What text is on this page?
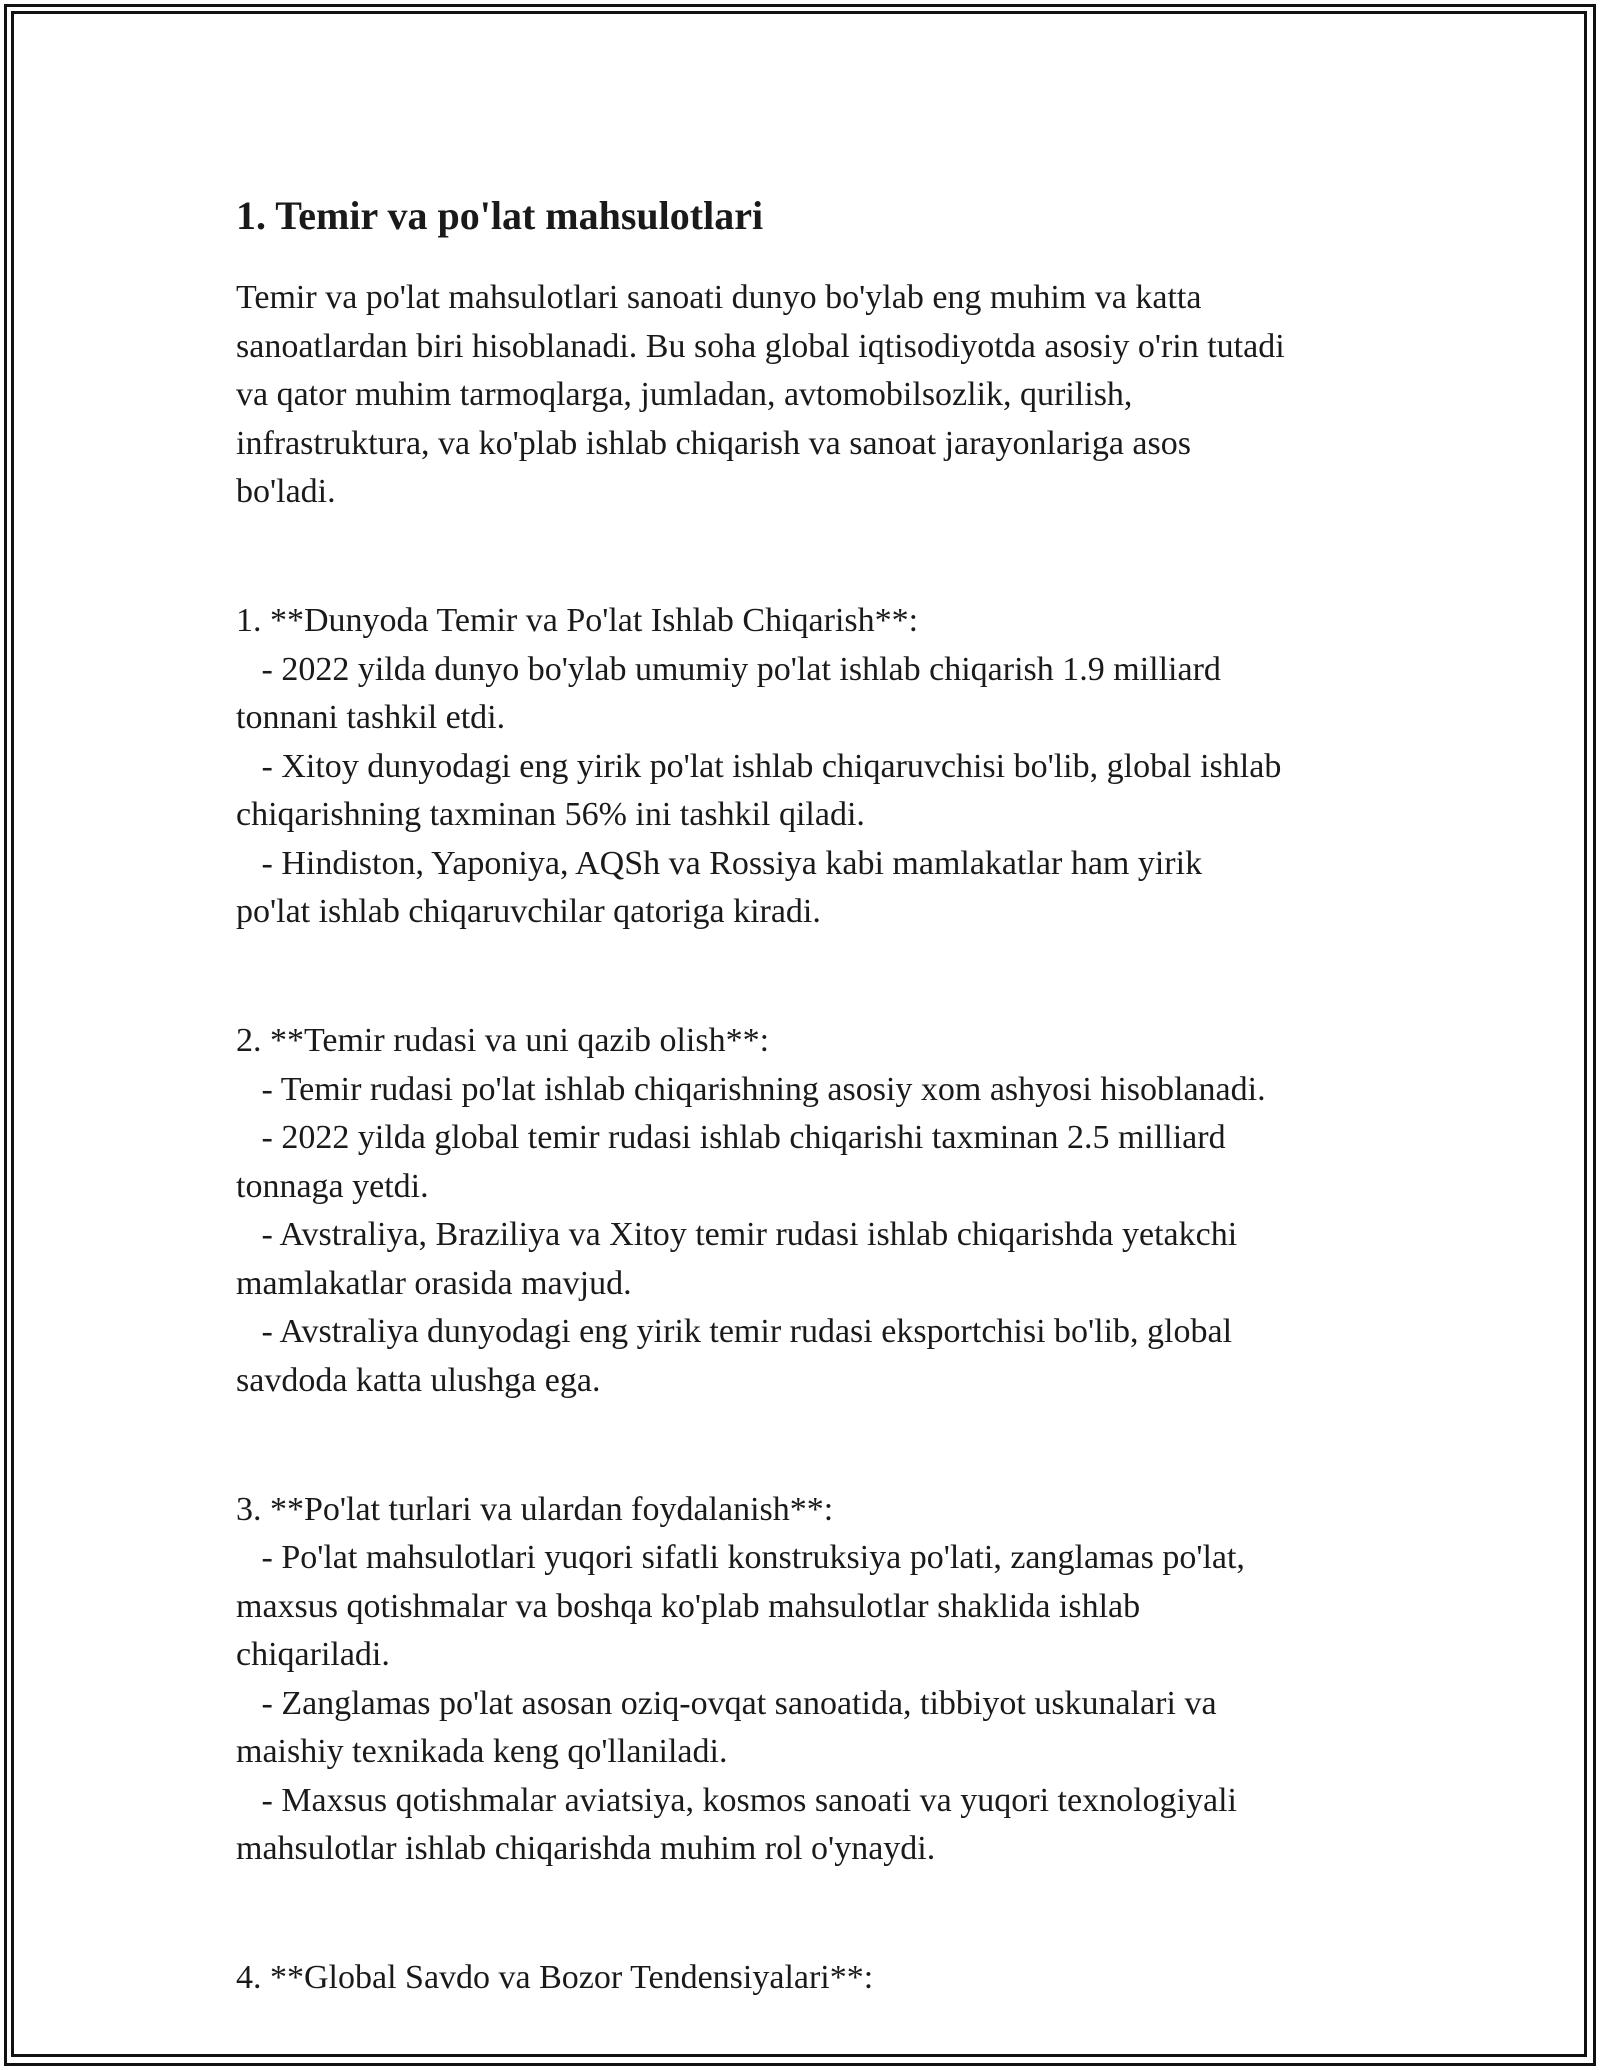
1. Temir va po'lat mahsulotlari

Temir va po'lat mahsulotlari sanoati dunyo bo'ylab eng muhim va katta

sanoatlardan biri hisoblanadi. Bu soha global iqtisodiyotda asosiy o'rin tutadi

va qator muhim tarmoqlarga, jumladan, avtomobilsozlik, qurilish,

infrastruktura, va ko'plab ishlab chiqarish va sanoat jarayonlariga asos

bo'ladi.

1. **Dunyoda Temir va Po'lat Ishlab Chiqarish**:

- 2022 yilda dunyo bo'ylab umumiy po'lat ishlab chiqarish 1.9 milliard

tonnani tashkil etdi.

- Xitoy dunyodagi eng yirik po'lat ishlab chiqaruvchisi bo'lib, global ishlab

chiqarishning taxminan 56% ini tashkil qiladi.

- Hindiston, Yaponiya, AQSh va Rossiya kabi mamlakatlar ham yirik

po'lat ishlab chiqaruvchilar qatoriga kiradi.

2. **Temir rudasi va uni qazib olish**:

- Temir rudasi po'lat ishlab chiqarishning asosiy xom ashyosi hisoblanadi.

- 2022 yilda global temir rudasi ishlab chiqarishi taxminan 2.5 milliard

tonnaga yetdi.

- Avstraliya, Braziliya va Xitoy temir rudasi ishlab chiqarishda yetakchi

mamlakatlar orasida mavjud.

- Avstraliya dunyodagi eng yirik temir rudasi eksportchisi bo'lib, global

savdoda katta ulushga ega.

3. **Po'lat turlari va ulardan foydalanish**:

- Po'lat mahsulotlari yuqori sifatli konstruksiya po'lati, zanglamas po'lat,

maxsus qotishmalar va boshqa ko'plab mahsulotlar shaklida ishlab

chiqariladi.

- Zanglamas po'lat asosan oziq-ovqat sanoatida, tibbiyot uskunalari va

maishiy texnikada keng qo'llaniladi.

- Maxsus qotishmalar aviatsiya, kosmos sanoati va yuqori texnologiyali

mahsulotlar ishlab chiqarishda muhim rol o'ynaydi.

4. **Global Savdo va Bozor Tendensiyalari**:
